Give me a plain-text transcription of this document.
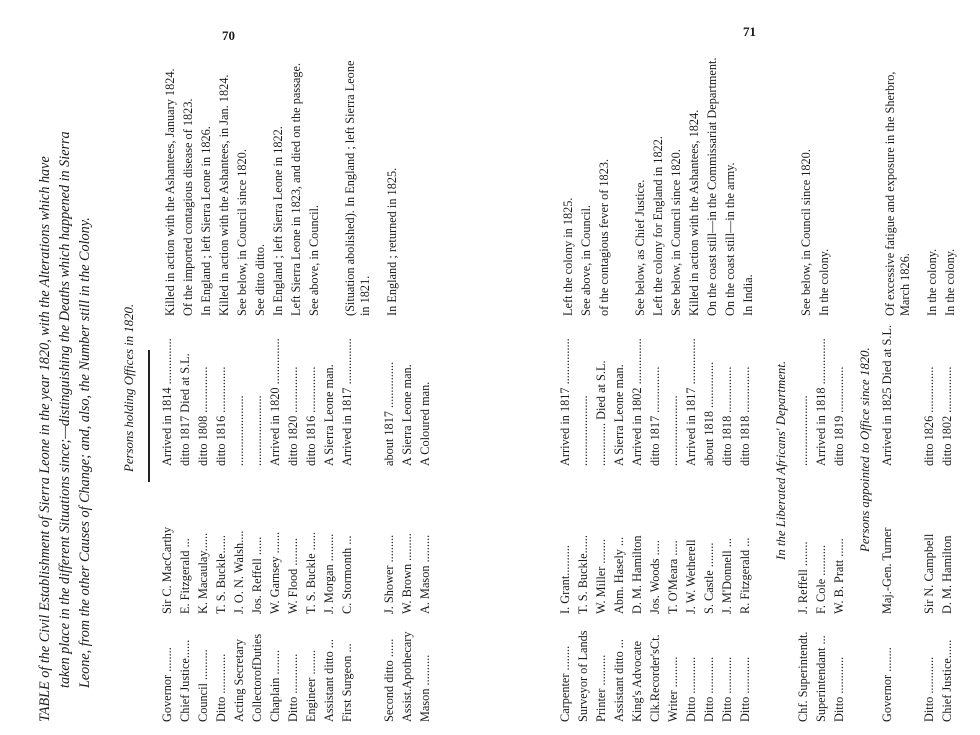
70	71
TABLE of the Civil Establishment of Sierra Leone in the year 1820, with the Alterations which have taken place in the different Situations since;—distinguishing the Deaths which happened in Sierra Leone, from the other Causes of Change; and, also, the Number still in the Colony. Persons holding Offices in 1820.
Governor ........Sir C. MacCarthyArrived in 1814 ...............Killed in action with the Ashantees, January 1824.
Chief Justice......E. Fitzgerald ...ditto 1817 Died at S.L.Of the imported contagious disease of 1823.
Council ..........K. Macaulay......ditto 1808 ...............In England ; left Sierra Leone in 1826.
Ditto .............T. S. Buckle......ditto 1816 ...............Killed in action with the Ashantees, in Jan. 1824.
Acting SecretaryJ. O. N. Walsh...........................See below, in Council since 1820.
CollectorofDutiesJos. Reffell .............................See ditto ditto.
Chaplain ........W. Garnsey .......Arrived in 1820 ...............In England ; left Sierra Leone in 1822.
Ditto .............W. Flood .........ditto 1820 ...............Left Sierra Leone in 1823, and died on the passage.
Engineer ........T. S. Buckle ......ditto 1816 ...............See above, in Council.
Assistant ditto ...J. Morgan .........A Sierra Leone man.
First Surgeon ...C. Stormonth ...Arrived in 1817 ...............(Situation abolished). In England ; left Sierra Leone in 1821.
Second ditto ......J. Shower .........about 1817 ...............In England ; returned in 1825.
Assist.ApothecaryW. Brown .........A Sierra Leone man.
Mason ..........A. Mason .........A Coloured man.
Carpenter ........I. Grant..........Arrived in 1817 ...............Left the colony in 1825.
Surveyor of LandsT. S. Buckle.............................See above, in Council.
Printer ..........W. Miller ...................... Died at S.L.of the contagious fever of 1823.
Assistant ditto ...Abm. Hasely ...A Sierra Leone man.
King's AdvocateD. M. HamiltonArrived in 1802 ...............See below, as Chief Justice.
Clk.Recorder'sCt.Jos. Woods .....ditto 1817 ...............Left the colony for England in 1822.
Writer ..........T. O'Meara ............................See below, in Council since 1820.
Ditto ............J. W. WetherellArrived in 1817 ...............Killed in action with the Ashantees, 1824.
Ditto ............S. Castle ........about 1818 ...............On the coast still—in the Commissariat Department.
Ditto ............J. M'Donnell ...ditto 1818 ...............On the coast still—in the army.
Ditto ............R. Fitzgerald ...ditto 1818 ...............In India.
In the Liberated Africans' Department.
Chf. Superintendt.J. Reffell ...............................See below, in Council since 1820.
Superintendant ...F. Cole ..........Arrived in 1818 ...............In the colony.
Ditto ............W. B. Pratt ......ditto 1819 ............... Persons appointed to Office since 1820.
Governor ........Maj.-Gen. TurnerArrived in 1825 Died at S.L.Of excessive fatigue and exposure in the Sherbro, March 1826.
Ditto ............Sir N. Campbellditto 1826 ...............In the colony.
Chief Justice......D. M. Hamiltonditto 1802 ...............In the colony.
